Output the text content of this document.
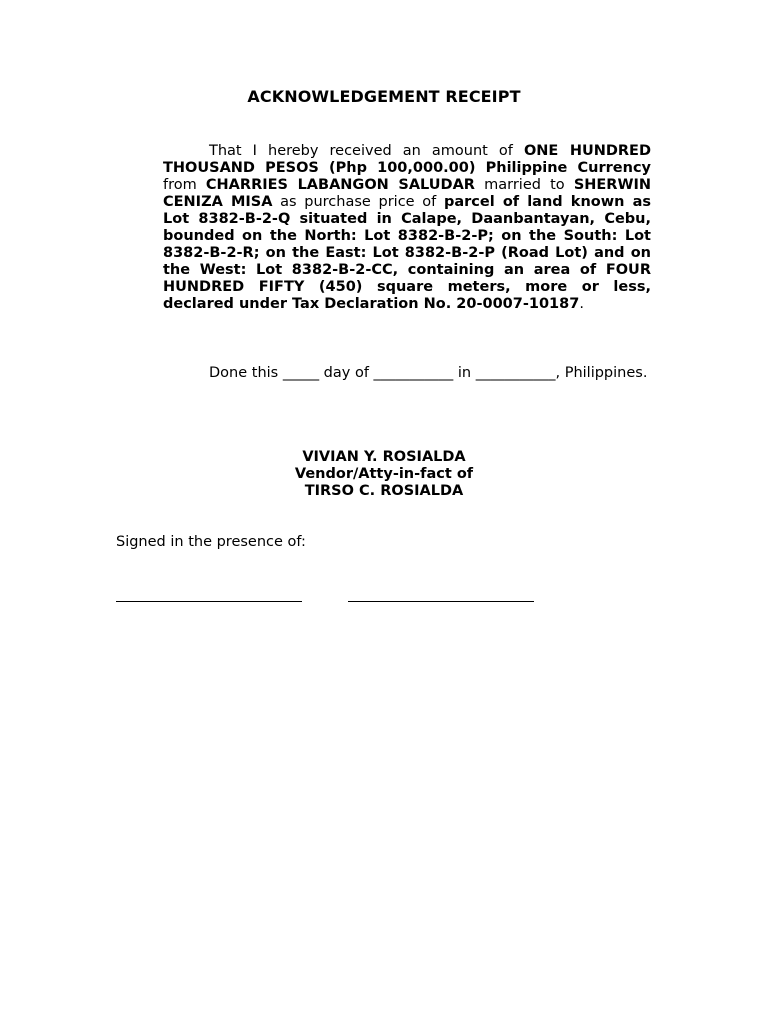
ACKNOWLEDGEMENT RECEIPT
That I hereby received an amount of ONE HUNDRED THOUSAND PESOS (Php 100,000.00) Philippine Currency from CHARRIES LABANGON SALUDAR married to SHERWIN CENIZA MISA as purchase price of parcel of land known as Lot 8382-B-2-Q situated in Calape, Daanbantayan, Cebu, bounded on the North: Lot 8382-B-2-P; on the South: Lot 8382-B-2-R; on the East: Lot 8382-B-2-P (Road Lot) and on the West: Lot 8382-B-2-CC, containing an area of FOUR HUNDRED FIFTY (450) square meters, more or less, declared under Tax Declaration No. 20-0007-10187.
Done this _____ day of ___________ in ___________, Philippines.
VIVIAN Y. ROSIALDA
Vendor/Atty-in-fact of
TIRSO C. ROSIALDA
Signed in the presence of:
